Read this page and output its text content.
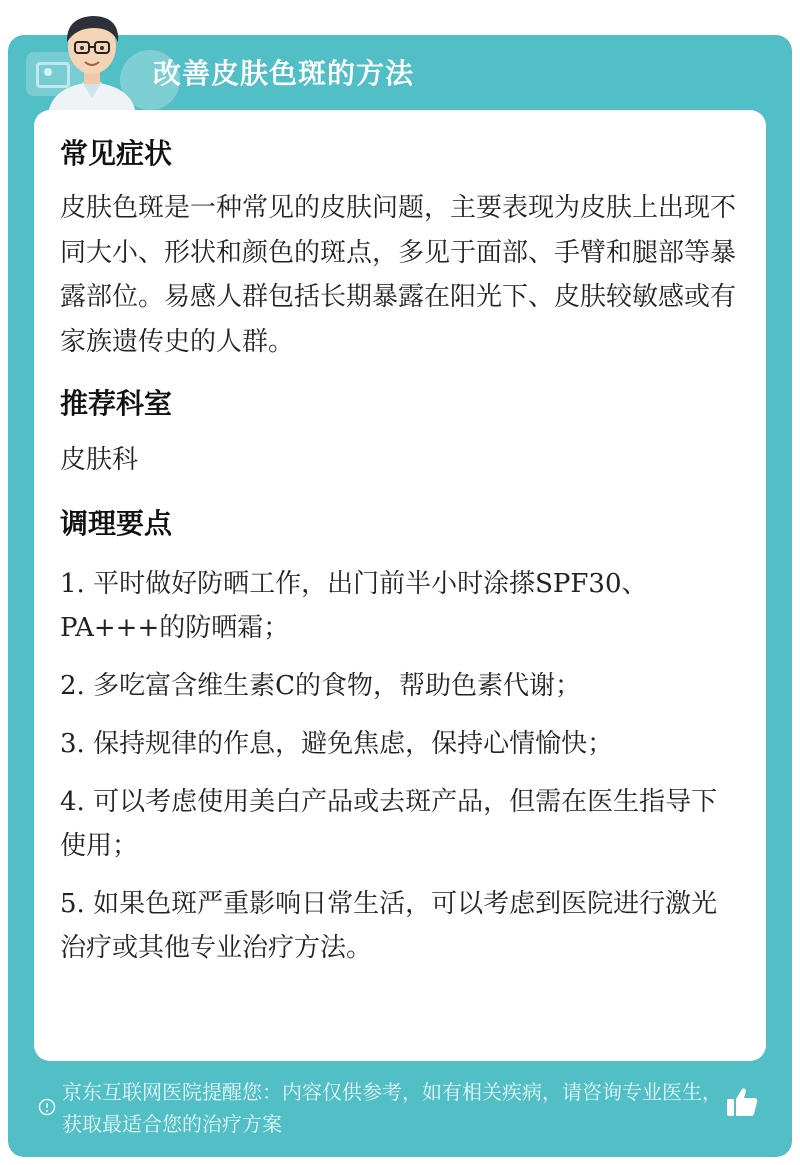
改善皮肤色斑的方法
常见症状
皮肤色斑是一种常见的皮肤问题，主要表现为皮肤上出现不同大小、形状和颜色的斑点，多见于面部、手臂和腿部等暴露部位。易感人群包括长期暴露在阳光下、皮肤较敏感或有家族遗传史的人群。
推荐科室
皮肤科
调理要点
1. 平时做好防晒工作，出门前半小时涂搽SPF30、PA+++的防晒霜；
2. 多吃富含维生素C的食物，帮助色素代谢；
3. 保持规律的作息，避免焦虑，保持心情愉快；
4. 可以考虑使用美白产品或去斑产品，但需在医生指导下使用；
5. 如果色斑严重影响日常生活，可以考虑到医院进行激光治疗或其他专业治疗方法。
京东互联网医院提醒您：内容仅供参考，如有相关疾病，请咨询专业医生，获取最适合您的治疗方案
